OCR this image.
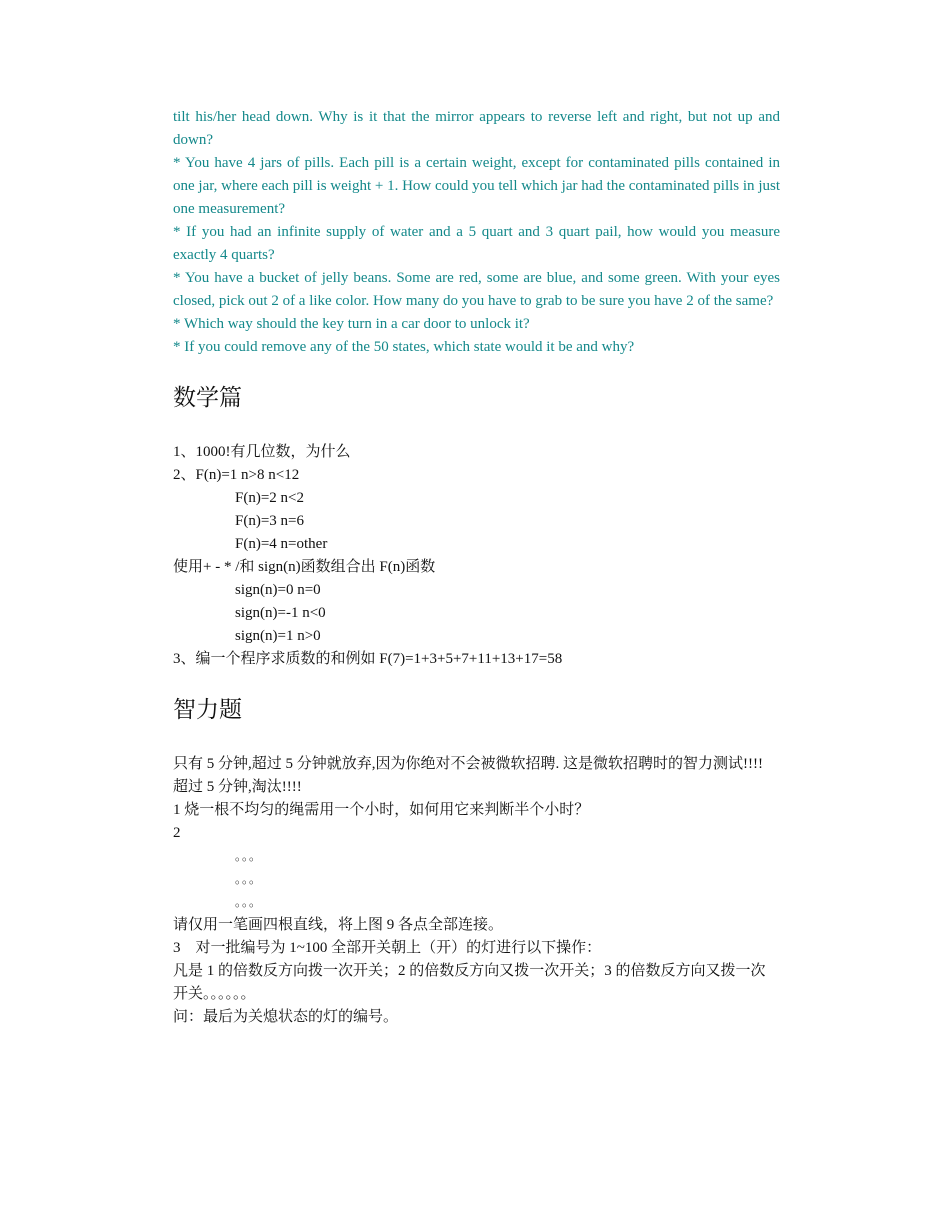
tilt his/her head down. Why is it that the mirror appears to reverse left and right, but not up and down?

* You have 4 jars of pills. Each pill is a certain weight, except for contaminated pills contained in one jar, where each pill is weight + 1. How could you tell which jar had the contaminated pills in just one measurement?

* If you had an infinite supply of water and a 5 quart and 3 quart pail, how would you measure exactly 4 quarts?

* You have a bucket of jelly beans. Some are red, some are blue, and some green. With your eyes closed, pick out 2 of a like color. How many do you have to grab to be sure you have 2 of the same?

* Which way should the key turn in a car door to unlock it?

* If you could remove any of the 50 states, which state would it be and why?

数学篇

1、1000!有几位数，为什么

2、F(n)=1 n>8 n<12

F(n)=2 n<2

F(n)=3 n=6

F(n)=4 n=other

使用+ - * /和 sign(n)函数组合出 F(n)函数

sign(n)=0 n=0

sign(n)=-1 n<0

sign(n)=1 n>0

3、编一个程序求质数的和例如 F(7)=1+3+5+7+11+13+17=58

智力题

只有 5 分钟,超过 5 分钟就放弃,因为你绝对不会被微软招聘. 这是微软招聘时的智力测试!!!! 超过 5 分钟,淘汰!!!!

1 烧一根不均匀的绳需用一个小时，如何用它来判断半个小时？

2

。。。

。。。

。。。

请仅用一笔画四根直线，将上图 9 各点全部连接。

3　对一批编号为 1~100 全部开关朝上（开）的灯进行以下操作：

凡是 1 的倍数反方向拨一次开关；2 的倍数反方向又拨一次开关；3 的倍数反方向又拨一次开关。。。。。。

问：最后为关熄状态的灯的编号。
